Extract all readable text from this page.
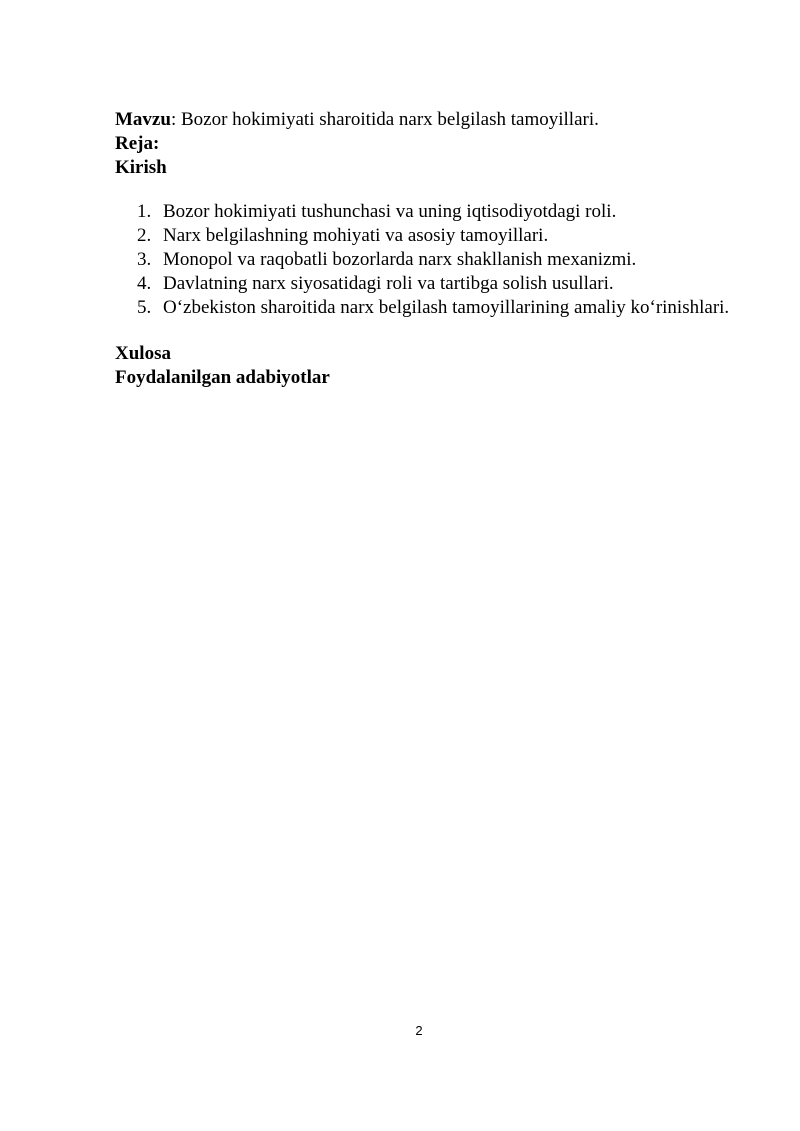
Mavzu: Bozor hokimiyati sharoitida narx belgilash tamoyillari.

Reja:

Kirish

1. Bozor hokimiyati tushunchasi va uning iqtisodiyotdagi roli.
2. Narx belgilashning mohiyati va asosiy tamoyillari.
3. Monopol va raqobatli bozorlarda narx shakllanish mexanizmi.
4. Davlatning narx siyosatidagi roli va tartibga solish usullari.
5. O‘zbekiston sharoitida narx belgilash tamoyillarining amaliy ko‘rinishlari.

Xulosa

Foydalanilgan adabiyotlar

2
